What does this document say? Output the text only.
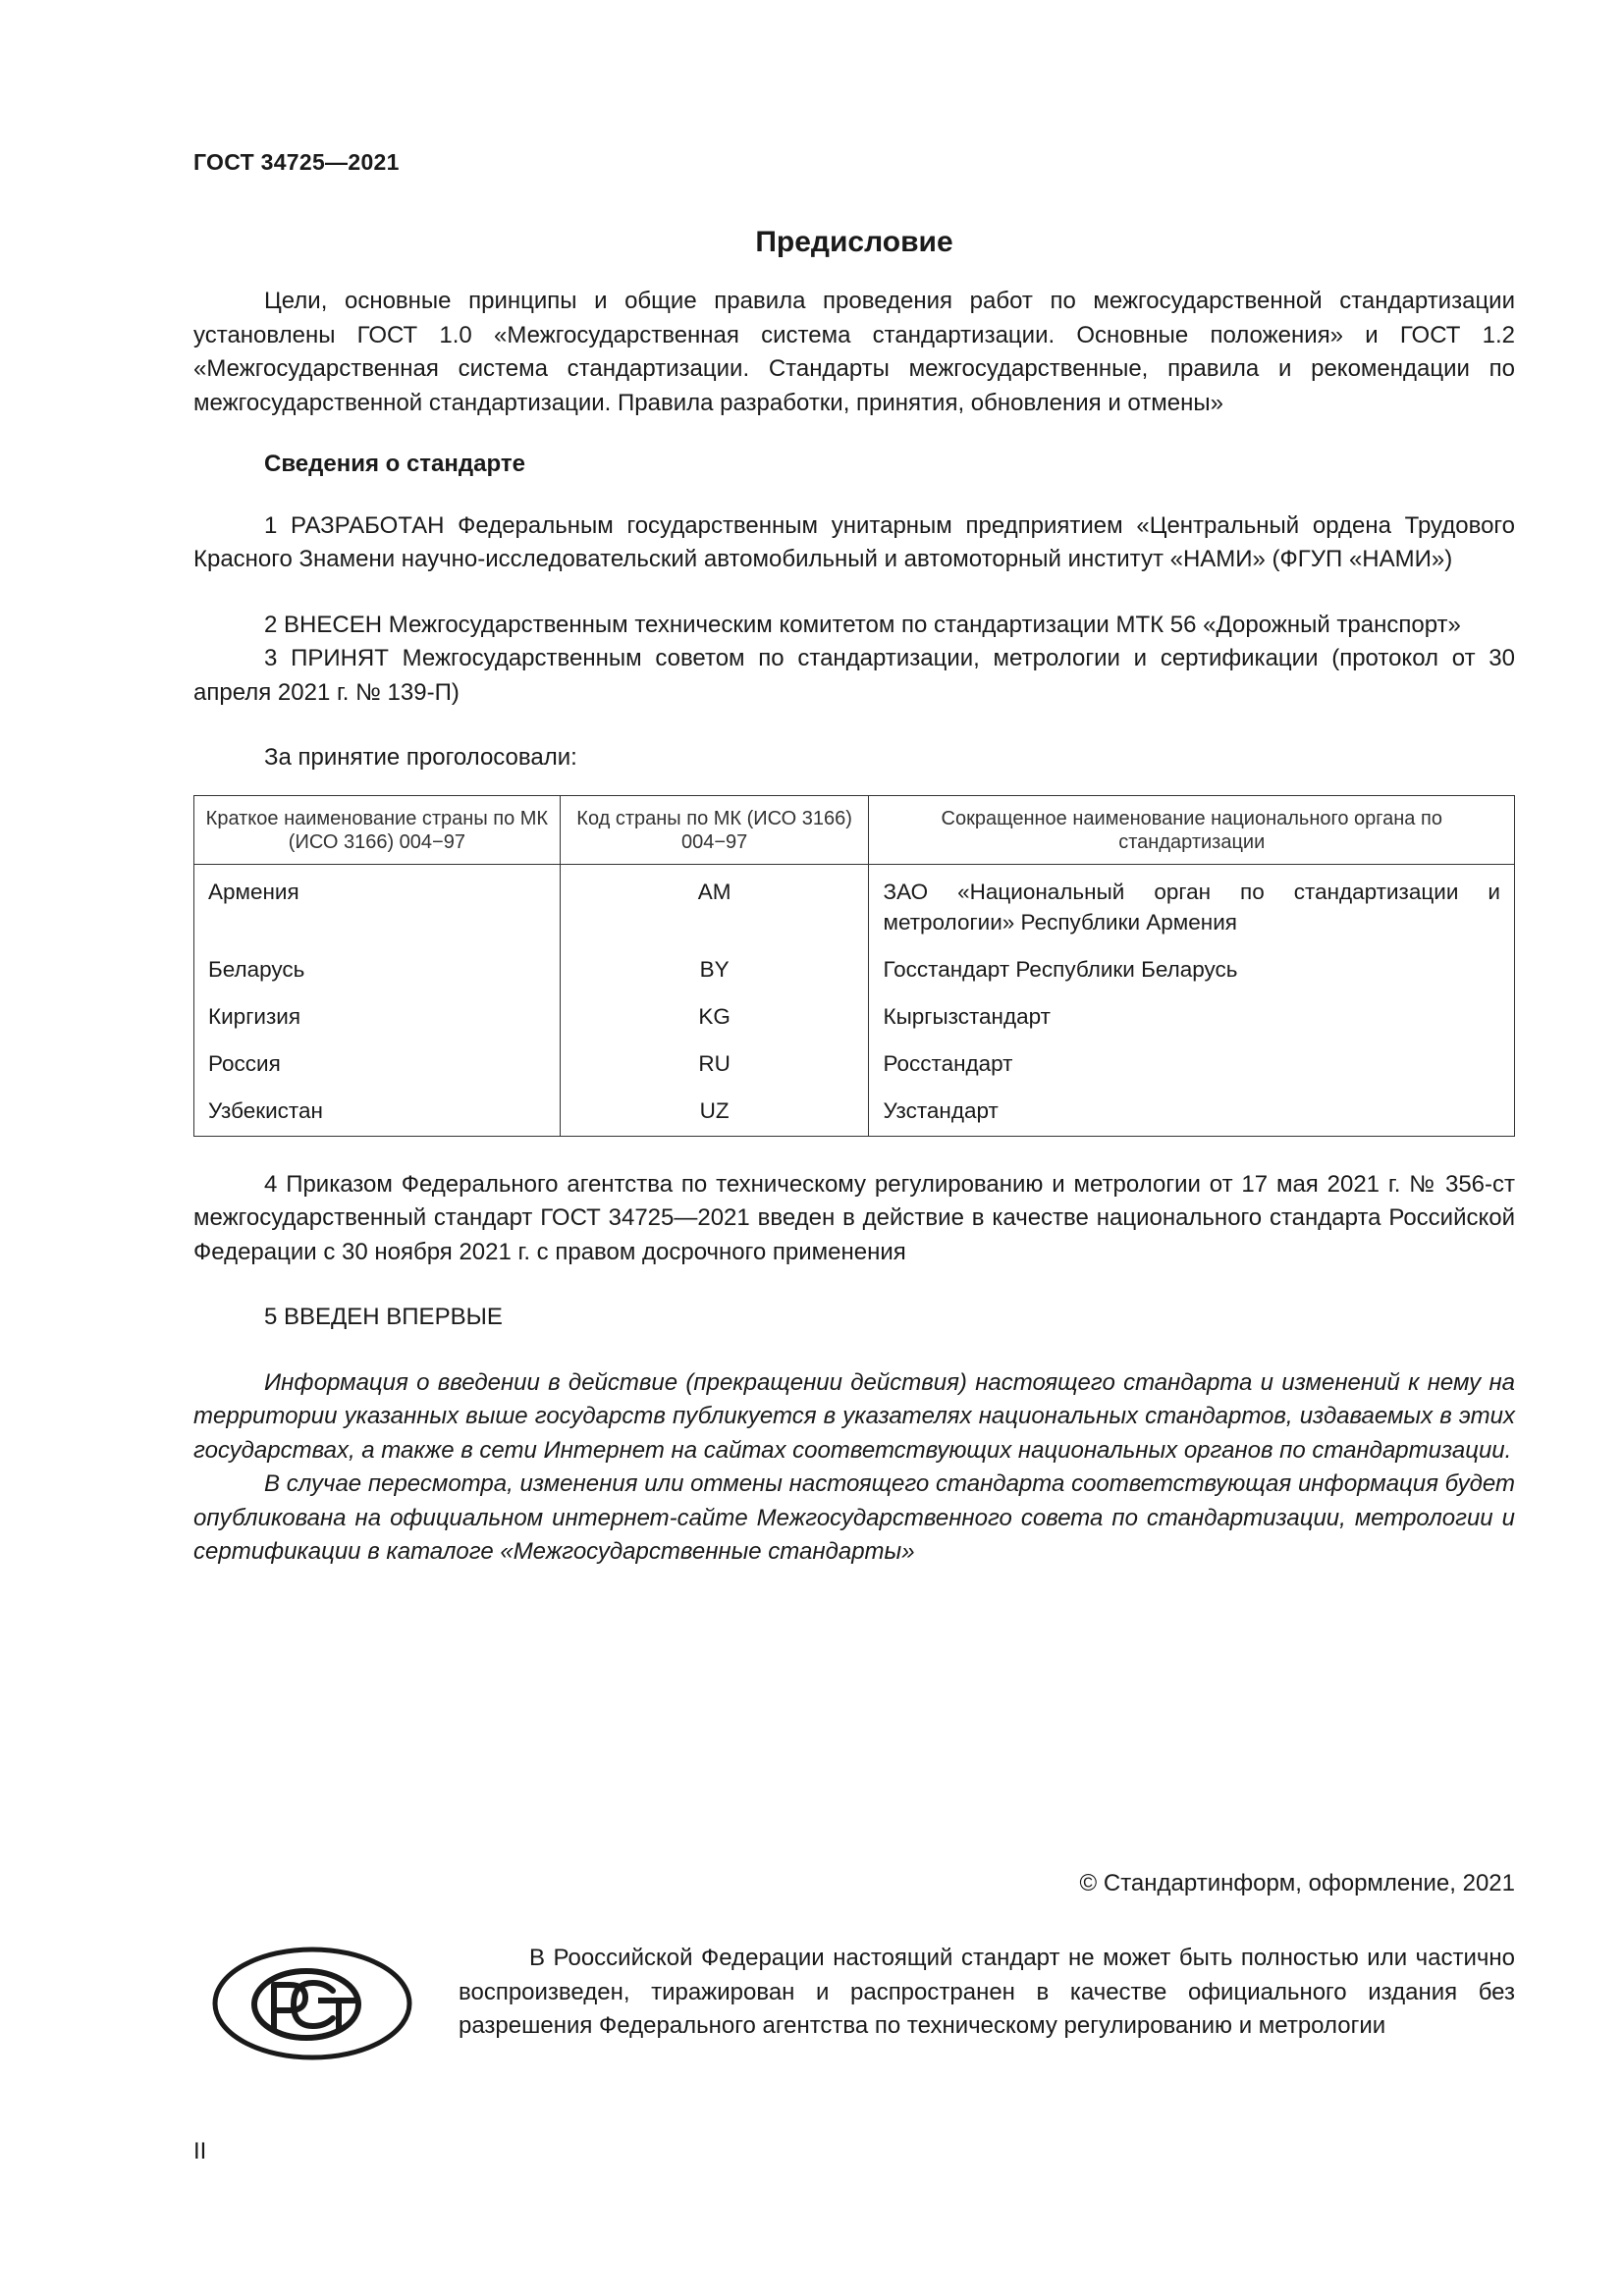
ГОСТ 34725—2021
Предисловие

Цели, основные принципы и общие правила проведения работ по межгосударственной стандартизации установлены ГОСТ 1.0 «Межгосударственная система стандартизации. Основные положения» и ГОСТ 1.2 «Межгосударственная система стандартизации. Стандарты межгосударственные, правила и рекомендации по межгосударственной стандартизации. Правила разработки, принятия, обновления и отмены»

Сведения о стандарте

1 РАЗРАБОТАН Федеральным государственным унитарным предприятием «Центральный ордена Трудового Красного Знамени научно-исследовательский автомобильный и автомоторный институт «НАМИ» (ФГУП «НАМИ»)

2 ВНЕСЕН Межгосударственным техническим комитетом по стандартизации МТК 56 «Дорожный транспорт»

3 ПРИНЯТ Межгосударственным советом по стандартизации, метрологии и сертификации (протокол от 30 апреля 2021 г. № 139-П)

За принятие проголосовали:

Краткое наименование страны по МК (ИСО 3166) 004−97	Код страны по МК (ИСО 3166) 004−97	Сокращенное наименование национального органа по стандартизации
Армения	AM	ЗАО «Национальный орган по стандартизации и метрологии» Республики Армения
Беларусь	BY	Госстандарт Республики Беларусь
Киргизия	KG	Кыргызстандарт
Россия	RU	Росстандарт
Узбекистан	UZ	Узстандарт

4 Приказом Федерального агентства по техническому регулированию и метрологии от 17 мая 2021 г. № 356-ст межгосударственный стандарт ГОСТ 34725—2021 введен в действие в качестве национального стандарта Российской Федерации с 30 ноября 2021 г. с правом досрочного применения

5 ВВЕДЕН ВПЕРВЫЕ

Информация о введении в действие (прекращении действия) настоящего стандарта и изменений к нему на территории указанных выше государств публикуется в указателях национальных стандартов, издаваемых в этих государствах, а также в сети Интернет на сайтах соответствующих национальных органов по стандартизации.

В случае пересмотра, изменения или отмены настоящего стандарта соответствующая информация будет опубликована на официальном интернет-сайте Межгосударственного совета по стандартизации, метрологии и сертификации в каталоге «Межгосударственные стандарты»

© Стандартинформ, оформление, 2021
В Роосcийской Федерации настоящий стандарт не может быть полностью или частично воспроизведен, тиражирован и распространен в качестве официального издания без разрешения Федерального агентства по техническому регулированию и метрологии
II
